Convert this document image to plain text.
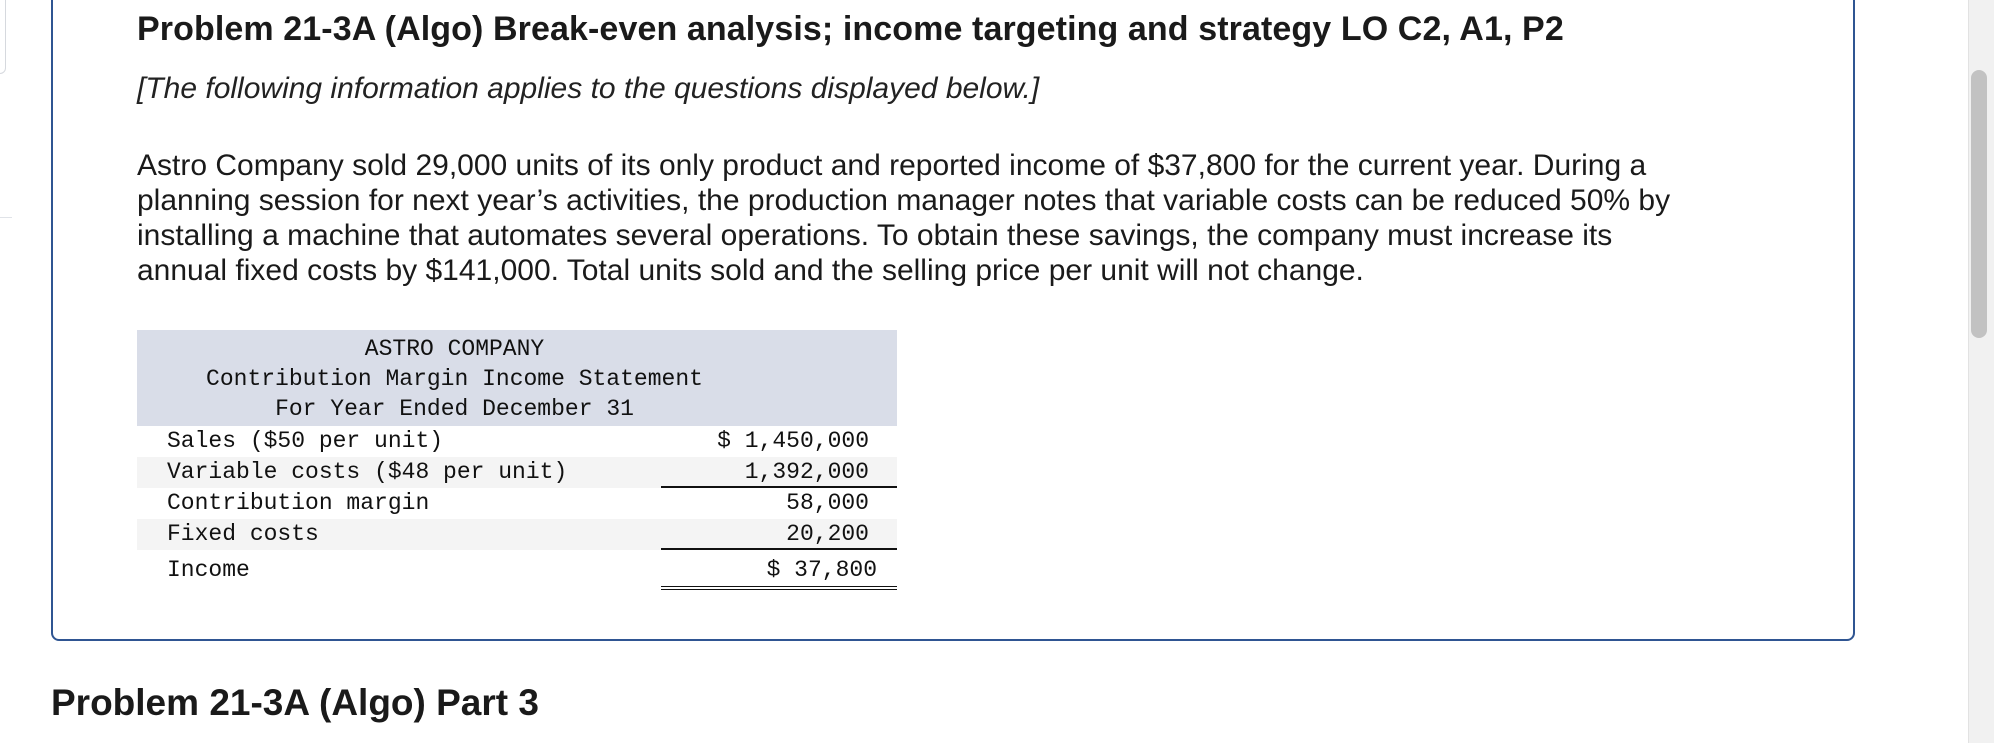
Problem 21-3A (Algo) Break-even analysis; income targeting and strategy LO C2, A1, P2
[The following information applies to the questions displayed below.]
Astro Company sold 29,000 units of its only product and reported income of $37,800 for the current year. During a
planning session for next year’s activities, the production manager notes that variable costs can be reduced 50% by
installing a machine that automates several operations. To obtain these savings, the company must increase its
annual fixed costs by $141,000. Total units sold and the selling price per unit will not change.
ASTRO COMPANY
Contribution Margin Income Statement
For Year Ended December 31
Sales ($50 per unit)	$ 1,450,000
Variable costs ($48 per unit)	1,392,000
Contribution margin	58,000
Fixed costs	20,200
Income	$ 37,800
Problem 21-3A (Algo) Part 3
